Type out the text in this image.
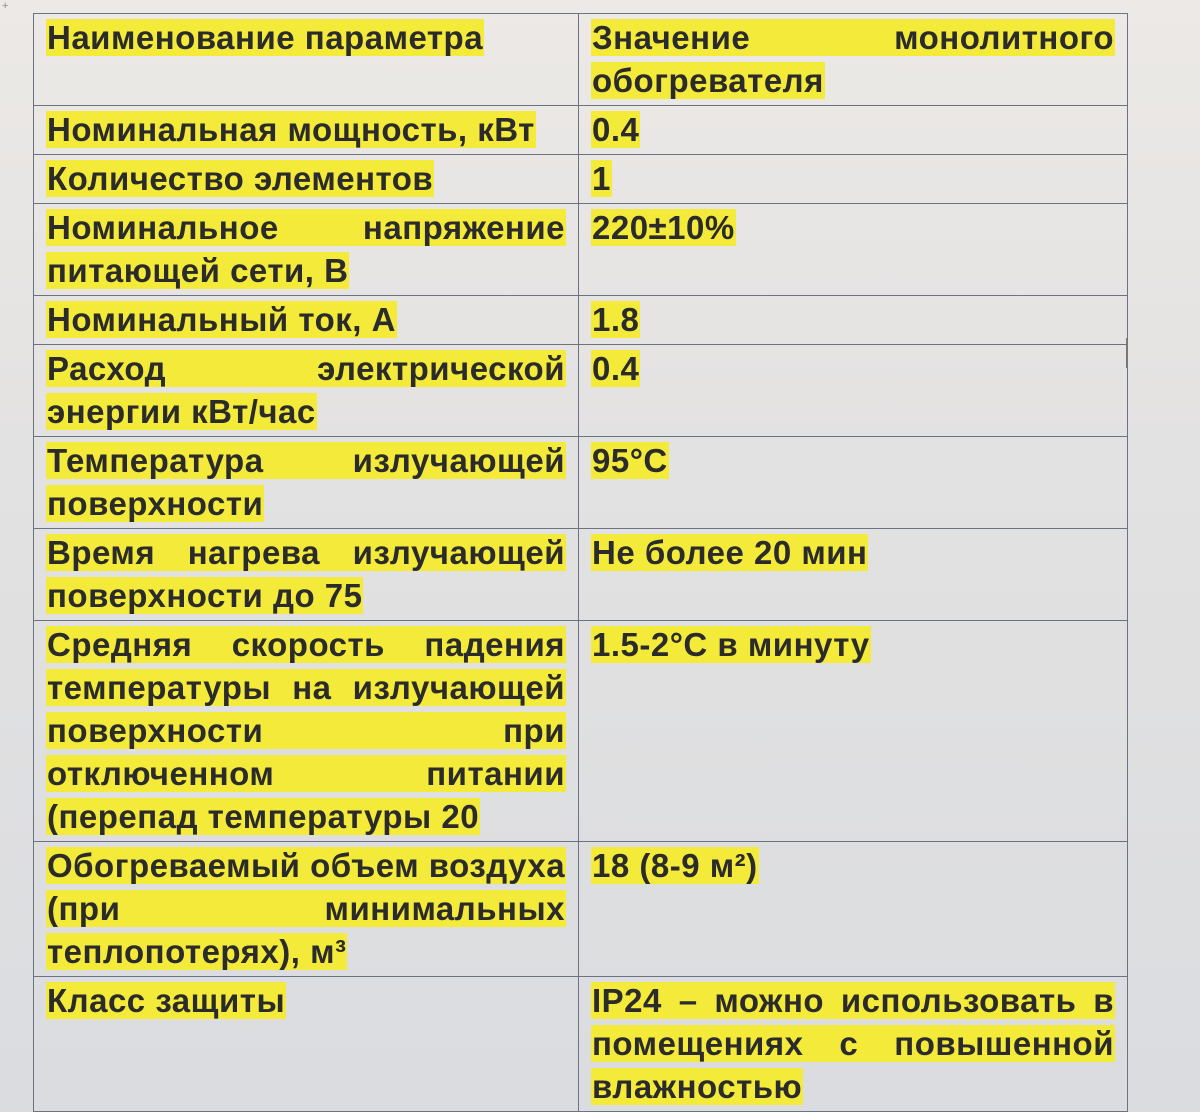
+
Наименование параметра	Значение монолитного обогревателя
Номинальная мощность, кВт	0.4
Количество элементов	1
Номинальное напряжение питающей сети, В	220±10%
Номинальный ток, А	1.8
Расход электрической энергии кВт/час	0.4
Температура излучающей поверхности	95°С
Время нагрева излучающей поверхности до 75	Не более 20 мин
Средняя скорость падения температуры на излучающей поверхности при отключенном питании (перепад температуры 20	1.5-2°С в минуту
Обогреваемый объем воздуха (при минимальных теплопотерях), м³	18 (8-9 м²)
Класс защиты	IP24 – можно использовать в помещениях с повышенной влажностью
